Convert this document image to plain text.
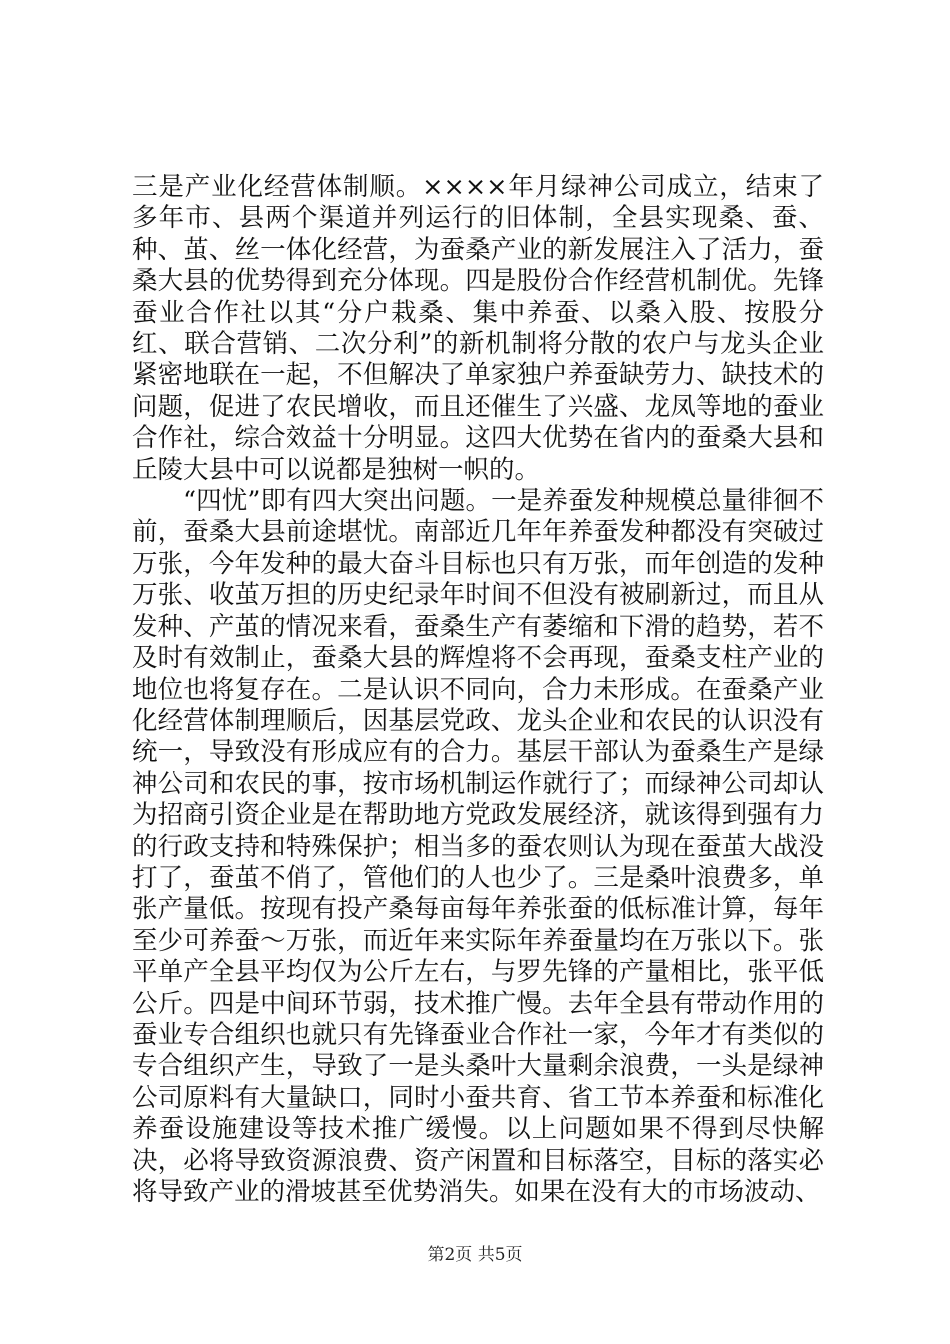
三是产业化经营体制顺。××××年月绿神公司成立，结束了多年市、县两个渠道并列运行的旧体制，全县实现桑、蚕、种、茧、丝一体化经营，为蚕桑产业的新发展注入了活力，蚕桑大县的优势得到充分体现。四是股份合作经营机制优。先锋蚕业合作社以其“分户栽桑、集中养蚕、以桑入股、按股分红、联合营销、二次分利”的新机制将分散的农户与龙头企业紧密地联在一起，不但解决了单家独户养蚕缺劳力、缺技术的问题，促进了农民增收，而且还催生了兴盛、龙凤等地的蚕业合作社，综合效益十分明显。这四大优势在省内的蚕桑大县和丘陵大县中可以说都是独树一帜的。

“四忧”即有四大突出问题。一是养蚕发种规模总量徘徊不前，蚕桑大县前途堪忧。南部近几年年养蚕发种都没有突破过万张，今年发种的最大奋斗目标也只有万张，而年创造的发种万张、收茧万担的历史纪录年时间不但没有被刷新过，而且从发种、产茧的情况来看，蚕桑生产有萎缩和下滑的趋势，若不及时有效制止，蚕桑大县的辉煌将不会再现，蚕桑支柱产业的地位也将复存在。二是认识不同向，合力未形成。在蚕桑产业化经营体制理顺后，因基层党政、龙头企业和农民的认识没有统一，导致没有形成应有的合力。基层干部认为蚕桑生产是绿神公司和农民的事，按市场机制运作就行了；而绿神公司却认为招商引资企业是在帮助地方党政发展经济，就该得到强有力的行政支持和特殊保护；相当多的蚕农则认为现在蚕茧大战没打了，蚕茧不俏了，管他们的人也少了。三是桑叶浪费多，单张产量低。按现有投产桑每亩每年养张蚕的低标准计算，每年至少可养蚕～万张，而近年来实际年养蚕量均在万张以下。张平单产全县平均仅为公斤左右，与罗先锋的产量相比，张平低公斤。四是中间环节弱，技术推广慢。去年全县有带动作用的蚕业专合组织也就只有先锋蚕业合作社一家，今年才有类似的专合组织产生，导致了一是头桑叶大量剩余浪费，一头是绿神公司原料有大量缺口，同时小蚕共育、省工节本养蚕和标准化养蚕设施建设等技术推广缓慢。以上问题如果不得到尽快解决，必将导致资源浪费、资产闲置和目标落空，目标的落实必将导致产业的滑坡甚至优势消失。如果在没有大的市场波动、

第2页 共5页
